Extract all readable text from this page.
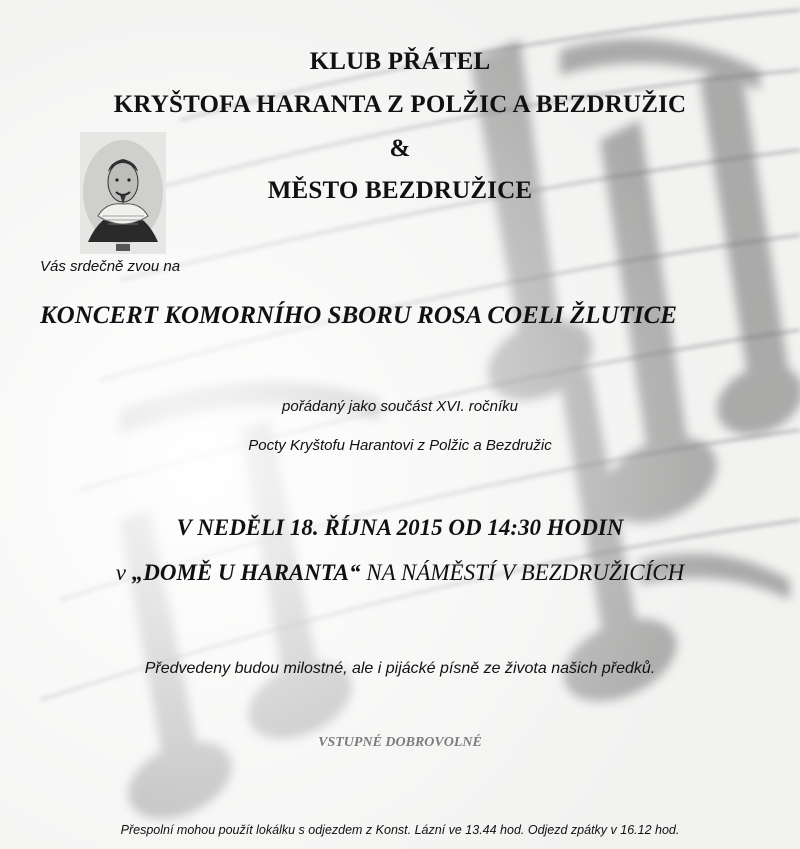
KLUB PŘÁTEL
KRYŠTOFA HARANTA Z POLŽIC A BEZDRUŽIC
&
MĚSTO BEZDRUŽICE
Vás srdečně zvou na
KONCERT KOMORNÍHO SBORU ROSA COELI ŽLUTICE
pořádaný jako součást XVI. ročníku
Pocty Kryštofu Harantovi z Polžic a Bezdružic
V NEDĚLI 18. ŘÍJNA 2015 OD 14:30 HODIN
v „DOMĚ U HARANTA“ NA NÁMĚSTÍ V BEZDRUŽICÍCH
Předvedeny budou milostné, ale i pijácké písně ze života našich předků.
VSTUPNÉ DOBROVOLNÉ
Přespolní mohou použít lokálku s odjezdem z Konst. Lázní ve 13.44 hod. Odjezd zpátky v 16.12 hod.
